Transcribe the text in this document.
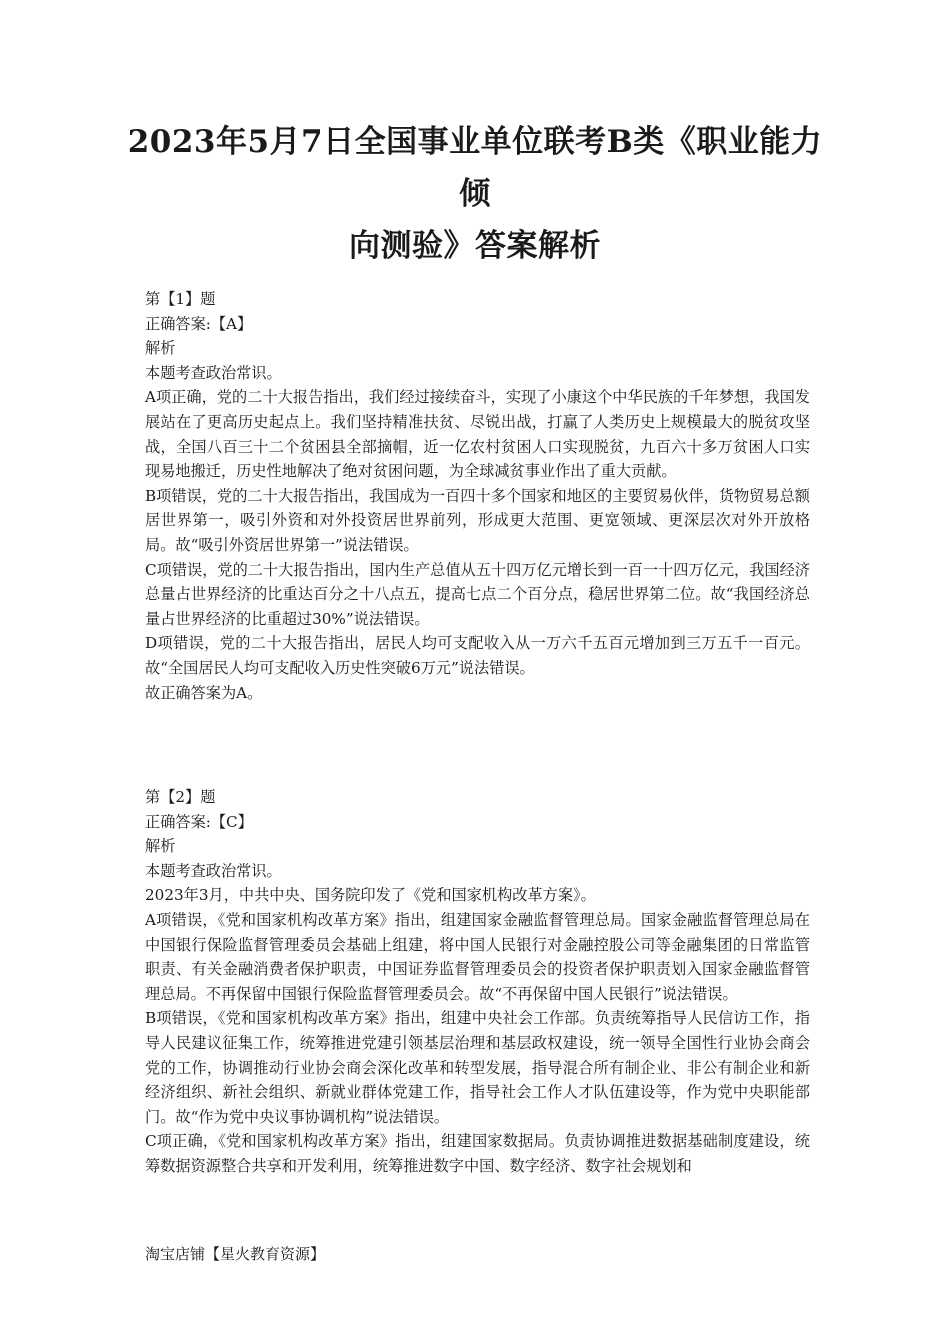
2023年5月7日全国事业单位联考B类《职业能力倾
向测验》答案解析

第【1】题

正确答案:【A】

解析

本题考查政治常识。

A项正确，党的二十大报告指出，我们经过接续奋斗，实现了小康这个中华民族的千年梦想，我国发展站在了更高历史起点上。我们坚持精准扶贫、尽锐出战，打赢了人类历史上规模最大的脱贫攻坚战，全国八百三十二个贫困县全部摘帽，近一亿农村贫困人口实现脱贫，九百六十多万贫困人口实现易地搬迁，历史性地解决了绝对贫困问题，为全球减贫事业作出了重大贡献。

B项错误，党的二十大报告指出，我国成为一百四十多个国家和地区的主要贸易伙伴，货物贸易总额居世界第一，吸引外资和对外投资居世界前列，形成更大范围、更宽领域、更深层次对外开放格局。故“吸引外资居世界第一”说法错误。

C项错误，党的二十大报告指出，国内生产总值从五十四万亿元增长到一百一十四万亿元，我国经济总量占世界经济的比重达百分之十八点五，提高七点二个百分点，稳居世界第二位。故“我国经济总量占世界经济的比重超过30%”说法错误。

D项错误，党的二十大报告指出，居民人均可支配收入从一万六千五百元增加到三万五千一百元。故“全国居民人均可支配收入历史性突破6万元”说法错误。

故正确答案为A。

第【2】题

正确答案:【C】

解析

本题考查政治常识。

2023年3月，中共中央、国务院印发了《党和国家机构改革方案》。

A项错误，《党和国家机构改革方案》指出，组建国家金融监督管理总局。国家金融监督管理总局在中国银行保险监督管理委员会基础上组建，将中国人民银行对金融控股公司等金融集团的日常监管职责、有关金融消费者保护职责，中国证券监督管理委员会的投资者保护职责划入国家金融监督管理总局。不再保留中国银行保险监督管理委员会。故“不再保留中国人民银行”说法错误。

B项错误，《党和国家机构改革方案》指出，组建中央社会工作部。负责统筹指导人民信访工作，指导人民建议征集工作，统筹推进党建引领基层治理和基层政权建设，统一领导全国性行业协会商会党的工作，协调推动行业协会商会深化改革和转型发展，指导混合所有制企业、非公有制企业和新经济组织、新社会组织、新就业群体党建工作，指导社会工作人才队伍建设等，作为党中央职能部门。故“作为党中央议事协调机构”说法错误。

C项正确，《党和国家机构改革方案》指出，组建国家数据局。负责协调推进数据基础制度建设，统筹数据资源整合共享和开发利用，统筹推进数字中国、数字经济、数字社会规划和

淘宝店铺【星火教育资源】
